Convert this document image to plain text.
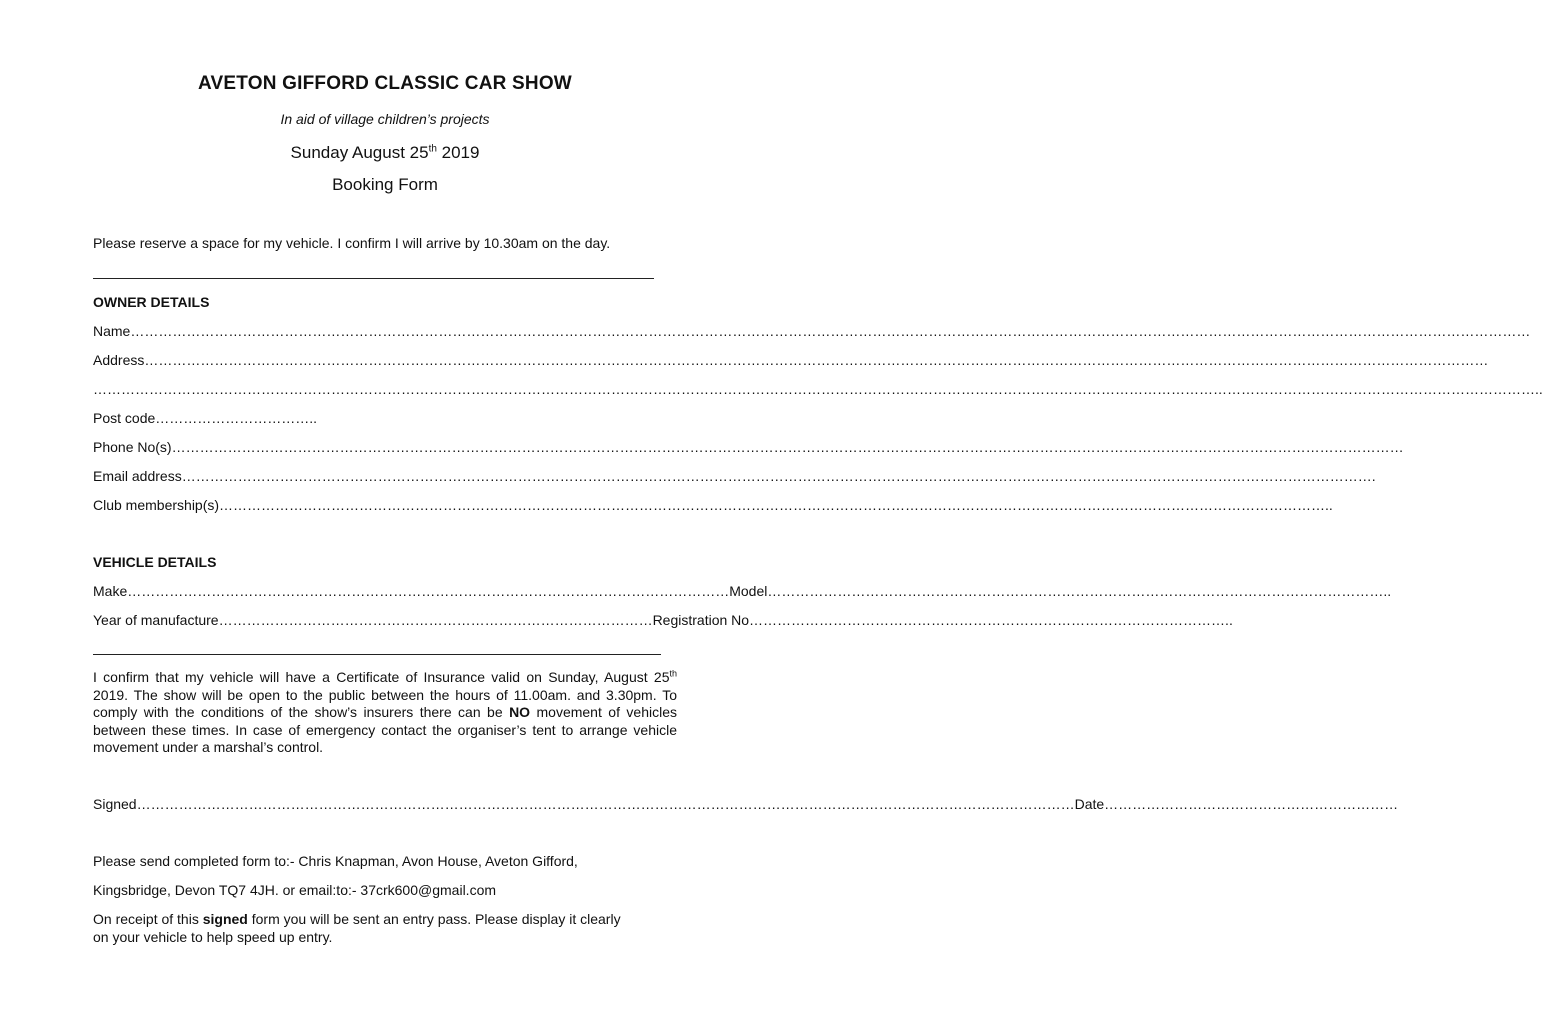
AVETON GIFFORD CLASSIC CAR SHOW
In aid of village children’s projects
Sunday August 25th 2019
Booking Form
Please reserve a space for my vehicle. I confirm I will arrive by 10.30am on the day.
OWNER DETAILS
Name…………………………………………………………………………………………………………………………………………………………………………………………………………………………………………………………………………
Address………………………………………………………………………………………………………………………………………………………………………………………………………………………………………………………………
…………………………………………………………………………………………………………………………………………………………………………………………………………………………………………………………………………………..
Post code……………………………..
Phone No(s)…………………………………………………………………………………………………………………………………………………………………………………………………………………………………………
Email address………………………………………………………………………………………………………………………………………………………………………………………………………………………………….
Club membership(s)…………………………………………………………………………………………………………………………………………………………………………………………………………………..
VEHICLE DETAILS
Make…………………………………………………………………………………………………………………Model……………………………………………………………………………………………………………………..
Year of manufacture…………………………………………………………………………………Registration No…………………………………………………………………………………………..
I confirm that my vehicle will have a Certificate of Insurance valid on Sunday, August 25th 2019. The show will be open to the public between the hours of 11.00am. and 3.30pm. To comply with the conditions of the show’s insurers there can be NO movement of vehicles between these times. In case of emergency contact the organiser’s tent to arrange vehicle movement under a marshal’s control.
Signed…………………………………………………………………………………………………………………………………………………………………………………Date………………………………………………………
Please send completed form to:- Chris Knapman, Avon House, Aveton Gifford,
Kingsbridge, Devon TQ7 4JH. or email:to:- 37crk600@gmail.com
On receipt of this signed form you will be sent an entry pass. Please display it clearly on your vehicle to help speed up entry.
